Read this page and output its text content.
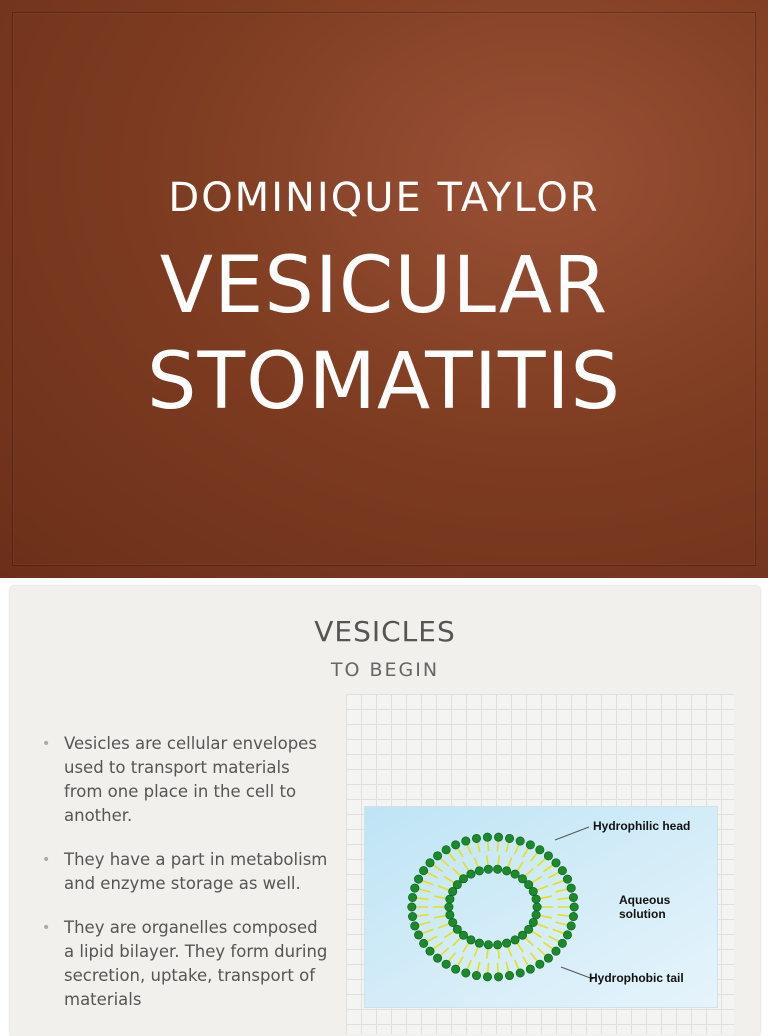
DOMINIQUE TAYLOR
VESICULAR
STOMATITIS
VESICLES
TO BEGIN
• Vesicles are cellular envelopes used to transport materials from one place in the cell to another.
• They have a part in metabolism and enzyme storage as well.
• They are organelles composed a lipid bilayer. They form during secretion, uptake, transport of materials
Hydrophilic head
Aqueous
solution
Hydrophobic tail
